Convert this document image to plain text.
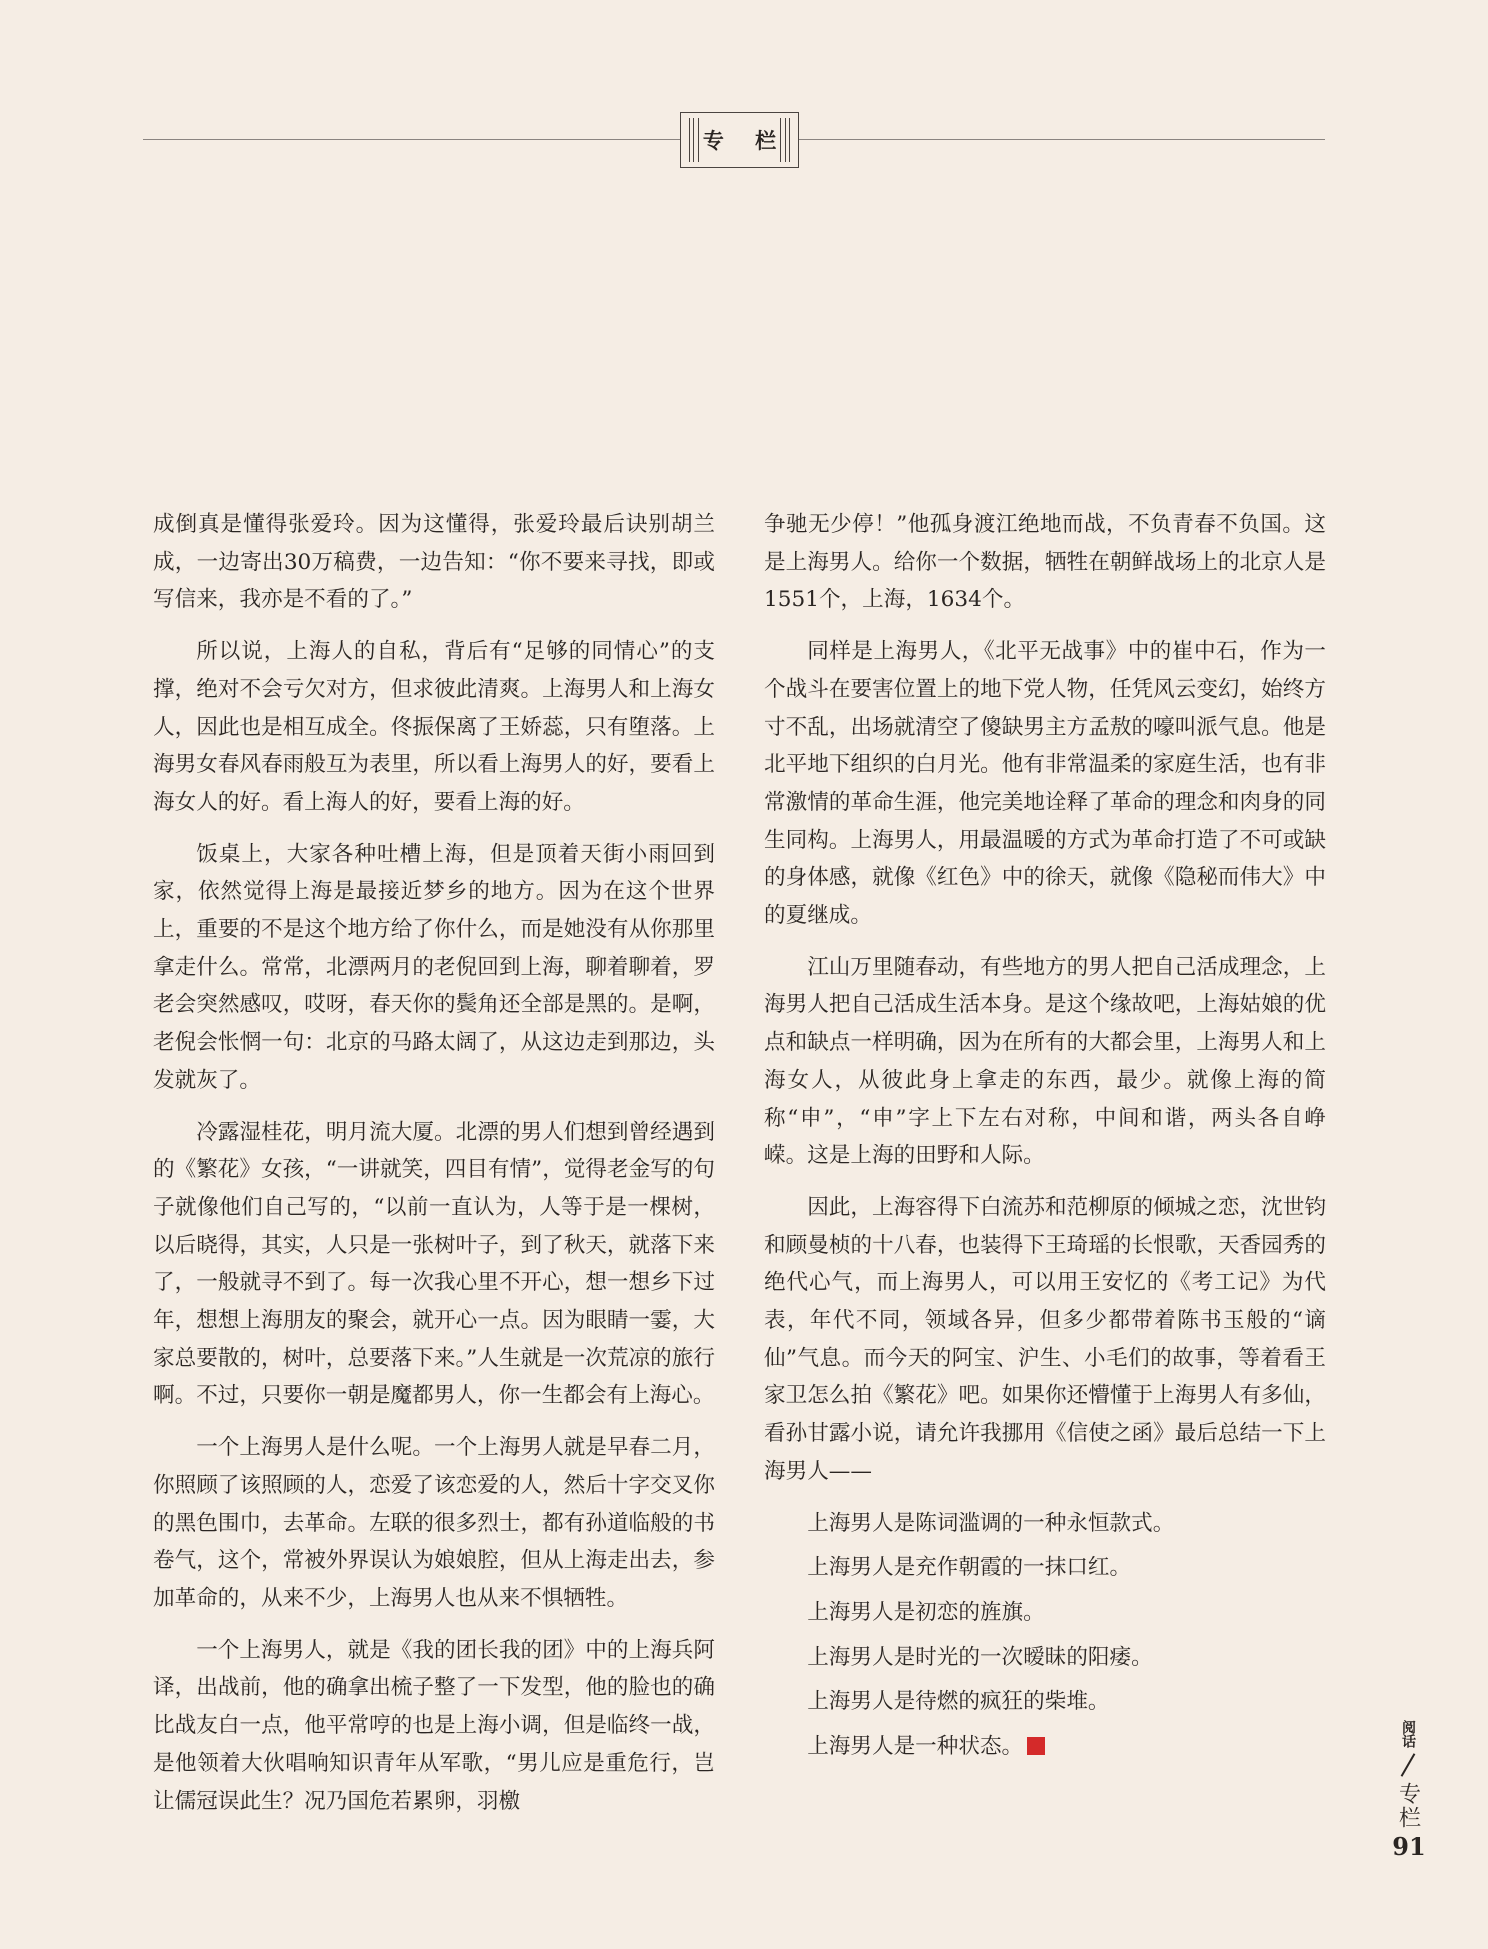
专 栏

成倒真是懂得张爱玲。因为这懂得，张爱玲最后诀别胡兰成，一边寄出30万稿费，一边告知：“你不要来寻找，即或写信来，我亦是不看的了。”

所以说，上海人的自私，背后有“足够的同情心”的支撑，绝对不会亏欠对方，但求彼此清爽。上海男人和上海女人，因此也是相互成全。佟振保离了王娇蕊，只有堕落。上海男女春风春雨般互为表里，所以看上海男人的好，要看上海女人的好。看上海人的好，要看上海的好。

饭桌上，大家各种吐槽上海，但是顶着天街小雨回到家，依然觉得上海是最接近梦乡的地方。因为在这个世界上，重要的不是这个地方给了你什么，而是她没有从你那里拿走什么。常常，北漂两月的老倪回到上海，聊着聊着，罗老会突然感叹，哎呀，春天你的鬓角还全部是黑的。是啊，老倪会怅惘一句：北京的马路太阔了，从这边走到那边，头发就灰了。

冷露湿桂花，明月流大厦。北漂的男人们想到曾经遇到的《繁花》女孩，“一讲就笑，四目有情”，觉得老金写的句子就像他们自己写的，“以前一直认为，人等于是一棵树，以后晓得，其实，人只是一张树叶子，到了秋天，就落下来了，一般就寻不到了。每一次我心里不开心，想一想乡下过年，想想上海朋友的聚会，就开心一点。因为眼睛一霎，大家总要散的，树叶，总要落下来。”人生就是一次荒凉的旅行啊。不过，只要你一朝是魔都男人，你一生都会有上海心。

一个上海男人是什么呢。一个上海男人就是早春二月，你照顾了该照顾的人，恋爱了该恋爱的人，然后十字交叉你的黑色围巾，去革命。左联的很多烈士，都有孙道临般的书卷气，这个，常被外界误认为娘娘腔，但从上海走出去，参加革命的，从来不少，上海男人也从来不惧牺牲。

一个上海男人，就是《我的团长我的团》中的上海兵阿译，出战前，他的确拿出梳子整了一下发型，他的脸也的确比战友白一点，他平常哼的也是上海小调，但是临终一战，是他领着大伙唱响知识青年从军歌，“男儿应是重危行，岂让儒冠误此生？况乃国危若累卵，羽檄

争驰无少停！”他孤身渡江绝地而战，不负青春不负国。这是上海男人。给你一个数据，牺牲在朝鲜战场上的北京人是1551个，上海，1634个。

同样是上海男人，《北平无战事》中的崔中石，作为一个战斗在要害位置上的地下党人物，任凭风云变幻，始终方寸不乱，出场就清空了傻缺男主方孟敖的嚎叫派气息。他是北平地下组织的白月光。他有非常温柔的家庭生活，也有非常激情的革命生涯，他完美地诠释了革命的理念和肉身的同生同构。上海男人，用最温暖的方式为革命打造了不可或缺的身体感，就像《红色》中的徐天，就像《隐秘而伟大》中的夏继成。

江山万里随春动，有些地方的男人把自己活成理念，上海男人把自己活成生活本身。是这个缘故吧，上海姑娘的优点和缺点一样明确，因为在所有的大都会里，上海男人和上海女人，从彼此身上拿走的东西，最少。就像上海的简称“申”，“申”字上下左右对称，中间和谐，两头各自峥嵘。这是上海的田野和人际。

因此，上海容得下白流苏和范柳原的倾城之恋，沈世钧和顾曼桢的十八春，也装得下王琦瑶的长恨歌，天香园秀的绝代心气，而上海男人，可以用王安忆的《考工记》为代表，年代不同，领域各异，但多少都带着陈书玉般的“谪仙”气息。而今天的阿宝、沪生、小毛们的故事，等着看王家卫怎么拍《繁花》吧。如果你还懵懂于上海男人有多仙，看孙甘露小说，请允许我挪用《信使之函》最后总结一下上海男人——

上海男人是陈词滥调的一种永恒款式。

上海男人是充作朝霞的一抹口红。

上海男人是初恋的旌旗。

上海男人是时光的一次暧昧的阳痿。

上海男人是待燃的疯狂的柴堆。

上海男人是一种状态。	阅话
专栏
91
